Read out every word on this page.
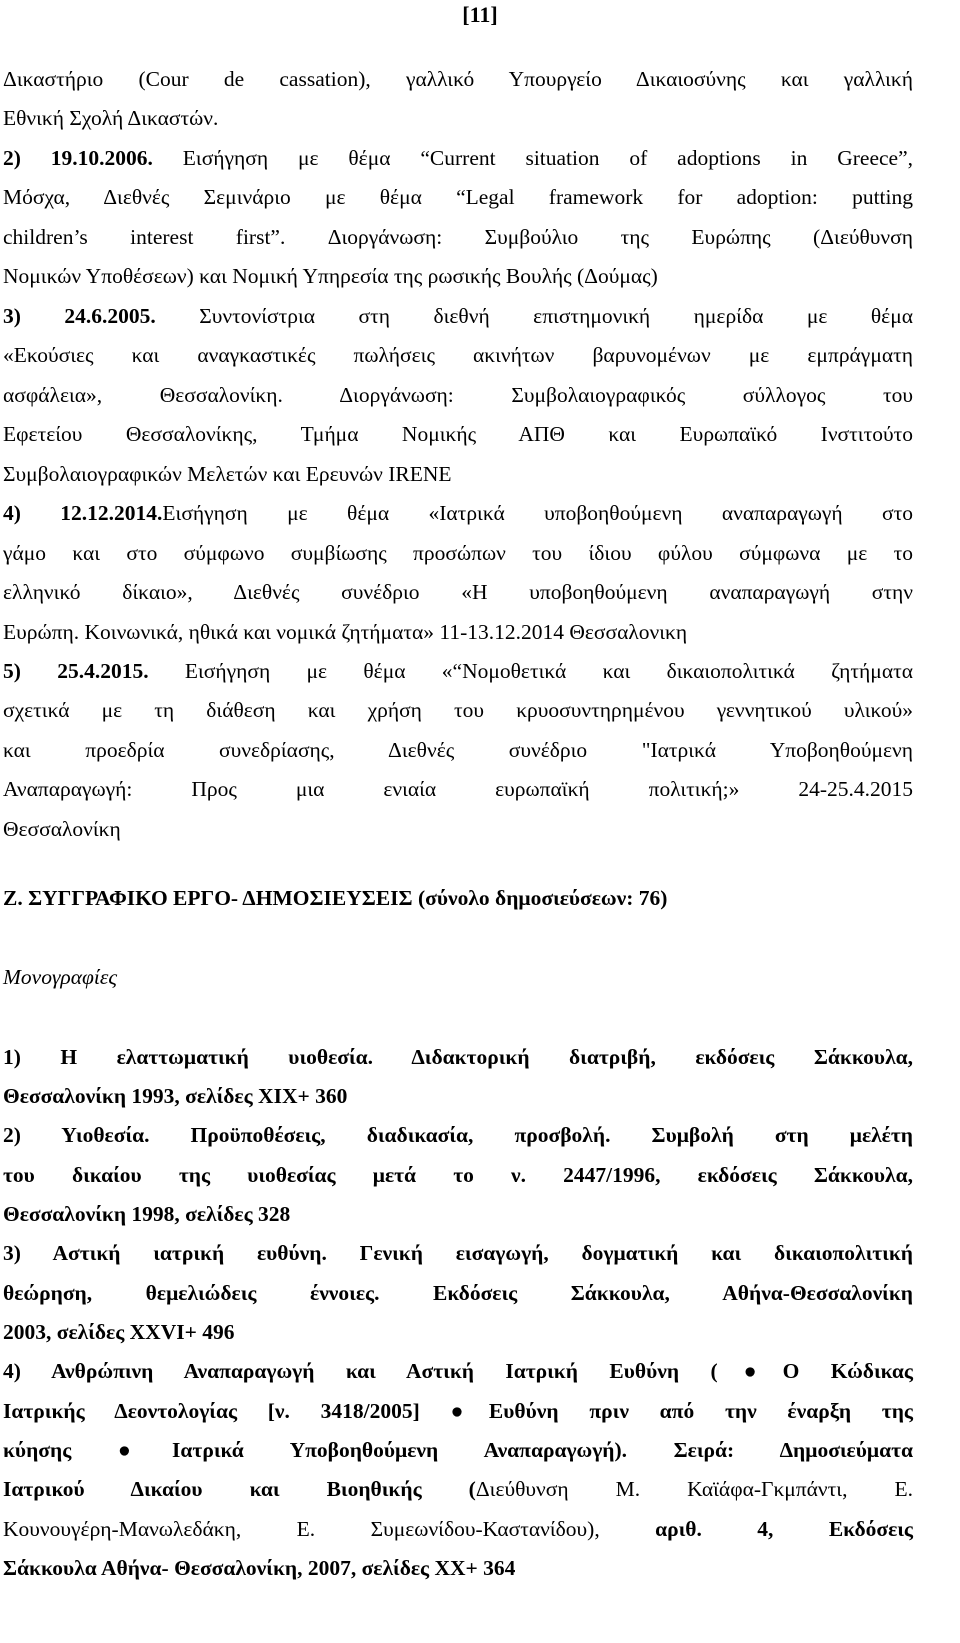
[11]
Δικαστήριο (Cour de cassation), γαλλικό Υπουργείο Δικαιοσύνης και γαλλική
Εθνική Σχολή Δικαστών.
2) 19.10.2006. Εισήγηση με θέμα “Current situation of adoptions in Greece”,
Μόσχα, Διεθνές Σεμινάριο με θέμα “Legal framework for adoption: putting
children’s interest first”. Διοργάνωση: Συμβούλιο της Ευρώπης (Διεύθυνση
Νομικών Υποθέσεων) και Νομική Υπηρεσία της ρωσικής Βουλής (Δούμας)
3) 24.6.2005. Συντονίστρια στη διεθνή επιστημονική ημερίδα με θέμα
«Εκούσιες και αναγκαστικές πωλήσεις ακινήτων βαρυνομένων με εμπράγματη
ασφάλεια», Θεσσαλονίκη. Διοργάνωση: Συμβολαιογραφικός σύλλογος του
Εφετείου Θεσσαλονίκης, Τμήμα Νομικής ΑΠΘ και Ευρωπαϊκό Ινστιτούτο
Συμβολαιογραφικών Μελετών και Ερευνών IRENE
4) 12.12.2014.Εισήγηση με θέμα «Ιατρικά υποβοηθούμενη αναπαραγωγή στο
γάμο και στο σύμφωνο συμβίωσης προσώπων του ίδιου φύλου σύμφωνα με το
ελληνικό δίκαιο», Διεθνές συνέδριο «Η υποβοηθούμενη αναπαραγωγή στην
Ευρώπη. Κοινωνικά, ηθικά και νομικά ζητήματα» 11-13.12.2014 Θεσσαλονικη
5) 25.4.2015. Εισήγηση με θέμα «“Νομοθετικά και δικαιοπολιτικά ζητήματα
σχετικά με τη διάθεση και χρήση του κρυοσυντηρημένου γεννητικού υλικού»
και προεδρία συνεδρίασης, Διεθνές συνέδριο "Ιατρικά Υποβοηθούμενη
Αναπαραγωγή: Προς μια ενιαία ευρωπαϊκή πολιτική;» 24-25.4.2015
Θεσσαλονίκη
Ζ. ΣΥΓΓΡΑΦΙΚΟ ΕΡΓΟ- ΔΗΜΟΣΙΕΥΣΕΙΣ (σύνολο δημοσιεύσεων: 76)
Μονογραφίες
1) Η ελαττωματική υιοθεσία. Διδακτορική διατριβή, εκδόσεις Σάκκουλα,
Θεσσαλονίκη 1993, σελίδες XIX+ 360
2) Υιοθεσία. Προϋποθέσεις, διαδικασία, προσβολή. Συμβολή στη μελέτη
του δικαίου της υιοθεσίας μετά το ν. 2447/1996, εκδόσεις Σάκκουλα,
Θεσσαλονίκη 1998, σελίδες 328
3) Αστική ιατρική ευθύνη. Γενική εισαγωγή, δογματική και δικαιοπολιτική
θεώρηση, θεμελιώδεις έννοιες. Εκδόσεις Σάκκουλα, Αθήνα-Θεσσαλονίκη
2003, σελίδες XXVI+ 496
4) Ανθρώπινη Αναπαραγωγή και Αστική Ιατρική Ευθύνη (●Ο Κώδικας
Ιατρικής Δεοντολογίας [ν. 3418/2005] ●Ευθύνη πριν από την έναρξη της
κύησης ●Ιατρικά Υποβοηθούμενη Αναπαραγωγή). Σειρά: Δημοσιεύματα
Ιατρικού Δικαίου και Βιοηθικής (Διεύθυνση Μ. Καϊάφα-Γκμπάντι, Ε.
Κουνουγέρη-Μανωλεδάκη, Ε. Συμεωνίδου-Καστανίδου), αριθ. 4, Εκδόσεις
Σάκκουλα Αθήνα- Θεσσαλονίκη, 2007, σελίδες XX+ 364
